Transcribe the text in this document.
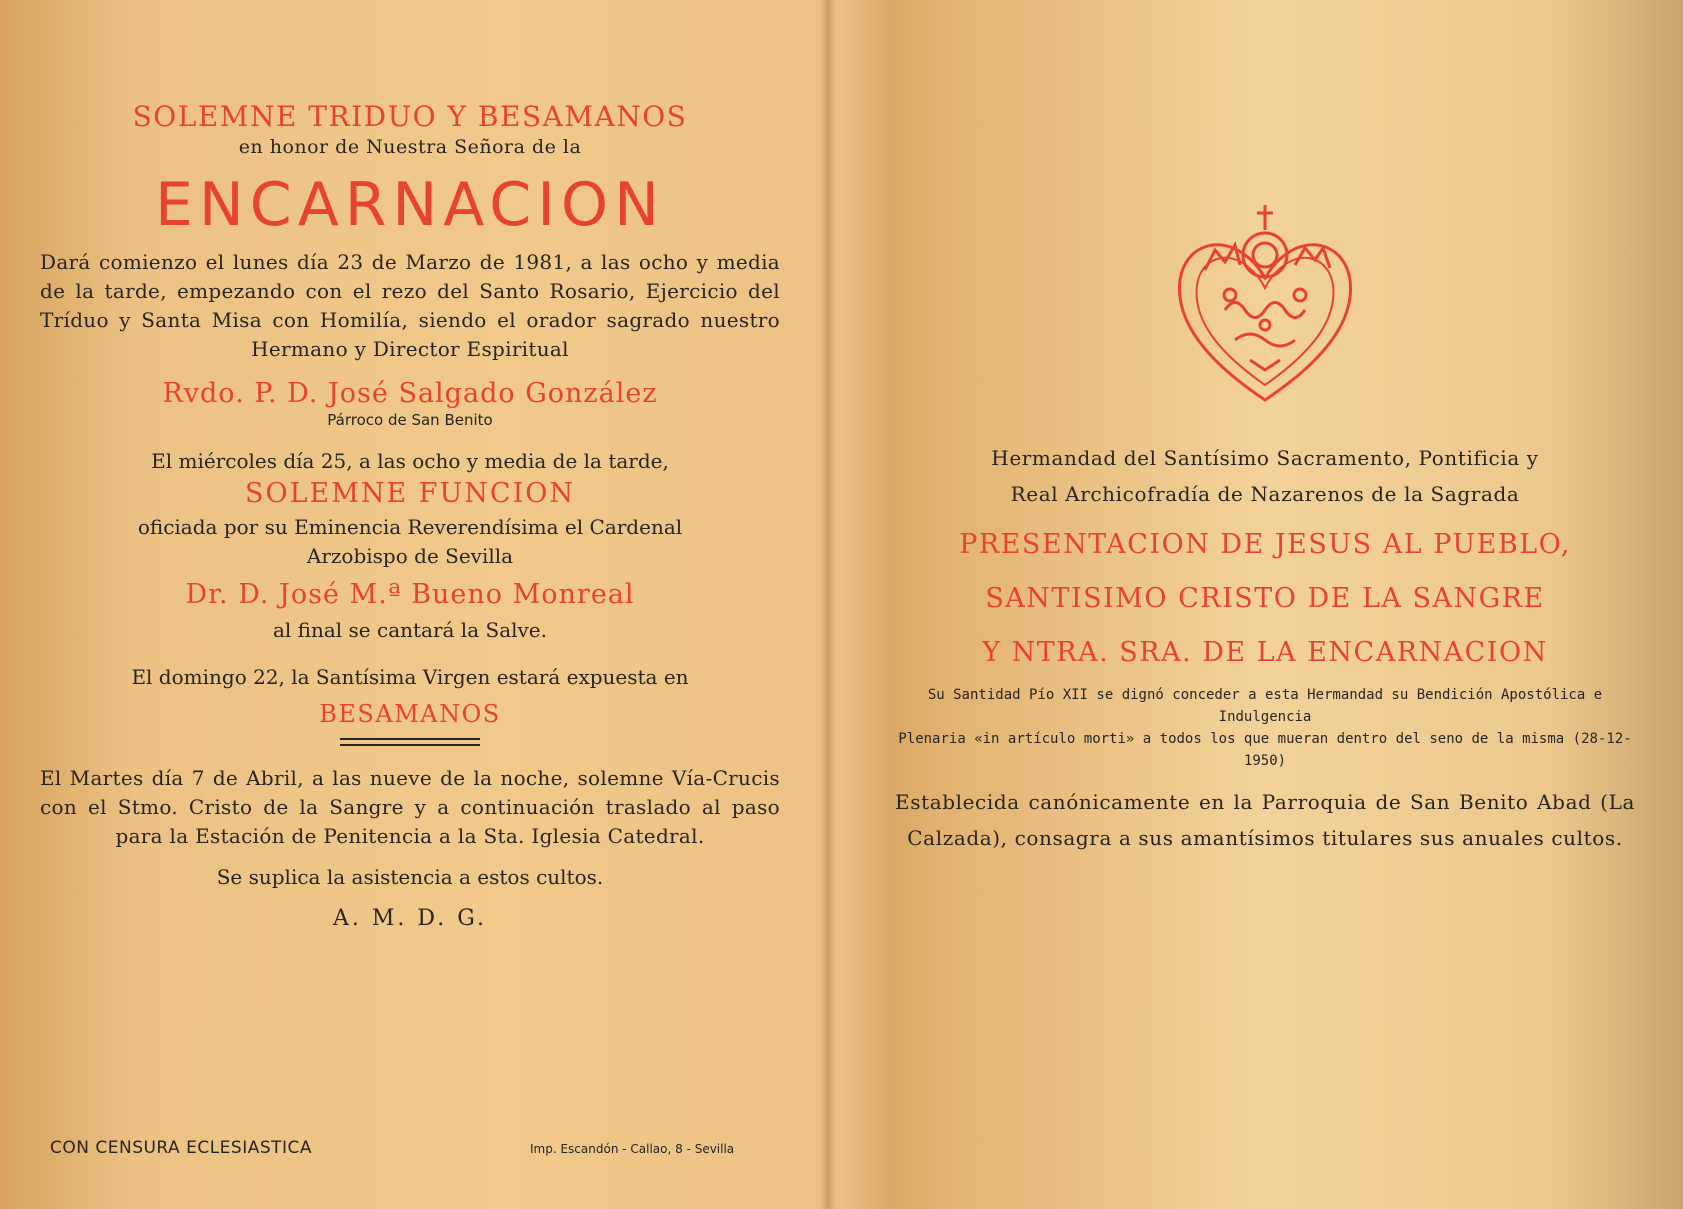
SOLEMNE TRIDUO Y BESAMANOS

en honor de Nuestra Señora de la

ENCARNACION

Dará comienzo el lunes día 23 de Marzo de 1981, a las ocho y media de la tarde, empezando con el rezo del Santo Rosario, Ejercicio del Tríduo y Santa Misa con Homilía, siendo el orador sagrado nuestro Hermano y Director Espiritual

Rvdo. P. D. José Salgado González

Párroco de San Benito

El miércoles día 25, a las ocho y media de la tarde,

SOLEMNE FUNCION

oficiada por su Eminencia Reverendísima el Cardenal

Arzobispo de Sevilla

Dr. D. José M.ª Bueno Monreal

al final se cantará la Salve.

El domingo 22, la Santísima Virgen estará expuesta en

BESAMANOS

El Martes día 7 de Abril, a las nueve de la noche, solemne Vía-Crucis con el Stmo. Cristo de la Sangre y a continuación traslado al paso para la Estación de Penitencia a la Sta. Iglesia Catedral.

Se suplica la asistencia a estos cultos.

A. M. D. G.

CON CENSURA ECLESIASTICA	Imp. Escandón - Callao, 8 - Sevilla

Hermandad del Santísimo Sacramento, Pontificia y

Real Archicofradía de Nazarenos de la Sagrada

PRESENTACION DE JESUS AL PUEBLO,

SANTISIMO CRISTO DE LA SANGRE

Y NTRA. SRA. DE LA ENCARNACION

Su Santidad Pío XII se dignó conceder a esta Hermandad su Bendición Apostólica e Indulgencia
Plenaria «in artículo morti» a todos los que mueran dentro del seno de la misma (28-12-1950)

Establecida canónicamente en la Parroquia de San Benito Abad (La Calzada), consagra a sus amantísimos titulares sus anuales cultos.
